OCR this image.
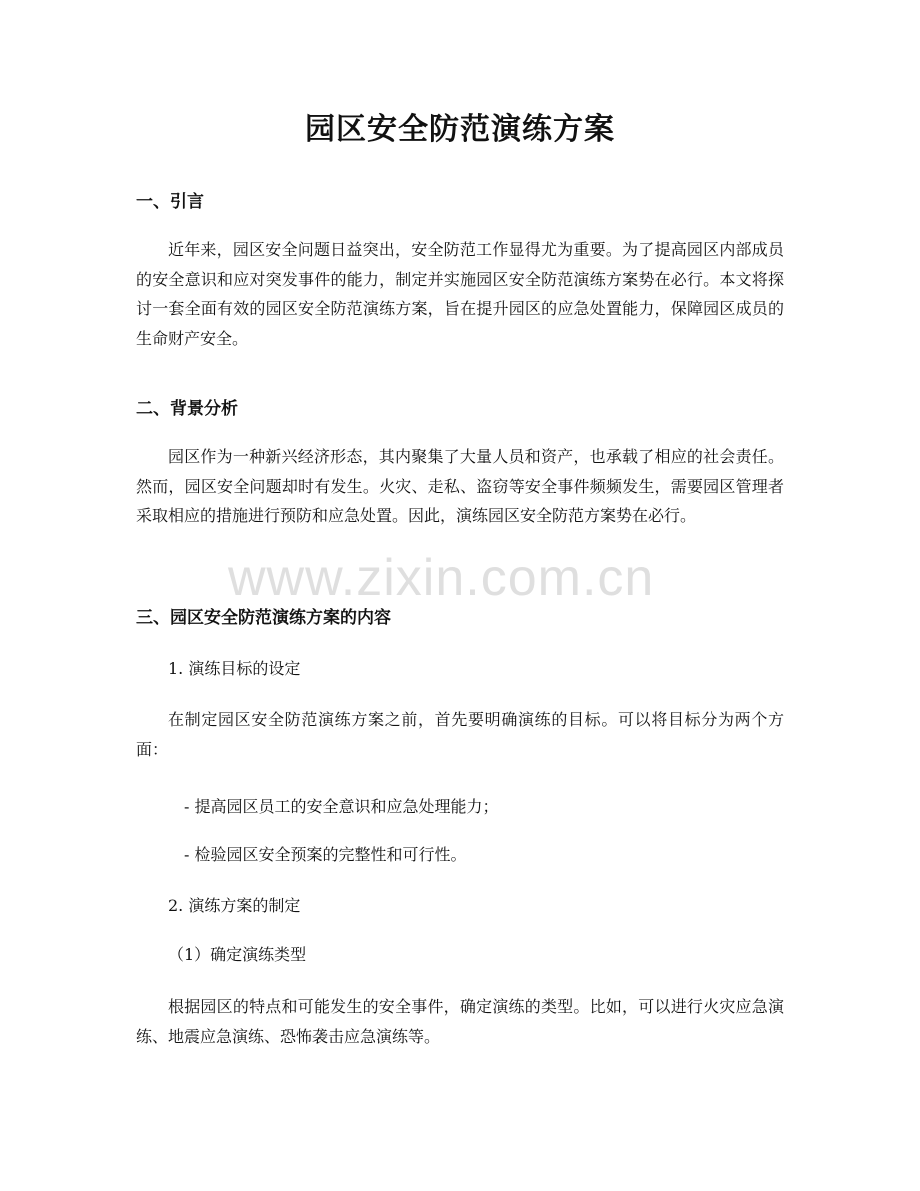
园区安全防范演练方案
一、引言

近年来，园区安全问题日益突出，安全防范工作显得尤为重要。为了提高园区内部成员的安全意识和应对突发事件的能力，制定并实施园区安全防范演练方案势在必行。本文将探讨一套全面有效的园区安全防范演练方案，旨在提升园区的应急处置能力，保障园区成员的生命财产安全。

二、背景分析

园区作为一种新兴经济形态，其内聚集了大量人员和资产，也承载了相应的社会责任。然而，园区安全问题却时有发生。火灾、走私、盗窃等安全事件频频发生，需要园区管理者采取相应的措施进行预防和应急处置。因此，演练园区安全防范方案势在必行。

三、园区安全防范演练方案的内容

1. 演练目标的设定

在制定园区安全防范演练方案之前，首先要明确演练的目标。可以将目标分为两个方面：

- 提高园区员工的安全意识和应急处理能力；

- 检验园区安全预案的完整性和可行性。

2. 演练方案的制定

（1）确定演练类型

根据园区的特点和可能发生的安全事件，确定演练的类型。比如，可以进行火灾应急演练、地震应急演练、恐怖袭击应急演练等。

www.zixin.com.cn
